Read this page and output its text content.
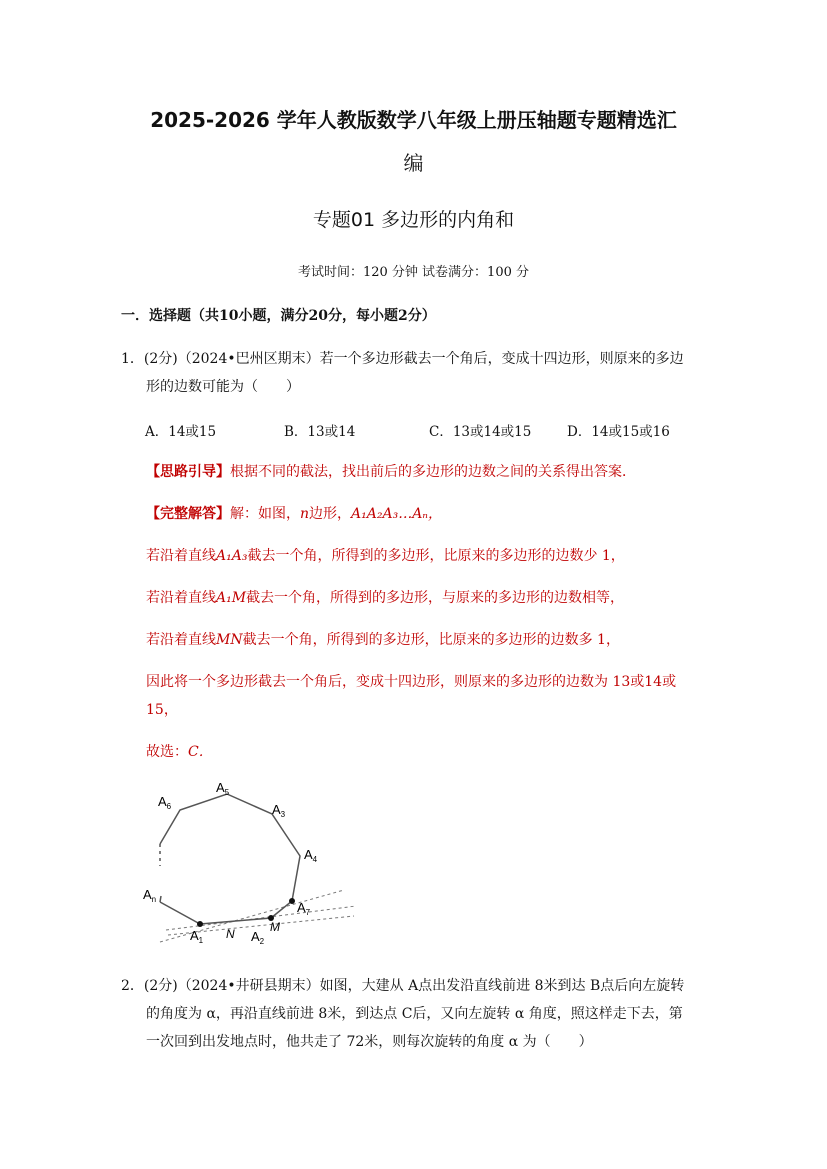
2025-2026 学年人教版数学八年级上册压轴题专题精选汇
编
专题01 多边形的内角和
考试时间：120 分钟 试卷满分：100 分
一．选择题（共10小题，满分20分，每小题2分）
1．(2分)（2024•巴州区期末）若一个多边形截去一个角后，变成十四边形，则原来的多边
形的边数可能为（　　）
A．14或15	B．13或14	C．13或14或15	D．14或15或16
【思路引导】根据不同的截法，找出前后的多边形的边数之间的关系得出答案．
【完整解答】解：如图，n边形，A₁A₂A₃…Aₙ，
若沿着直线A₁A₃截去一个角，所得到的多边形，比原来的多边形的边数少 1，
若沿着直线A₁M截去一个角，所得到的多边形，与原来的多边形的边数相等，
若沿着直线MN截去一个角，所得到的多边形，比原来的多边形的边数多 1，
因此将一个多边形截去一个角后，变成十四边形，则原来的多边形的边数为 13或14或
15，
故选：C．
$A_6$
$A_5$
$A_3$
$A_4$
$A_n$
$A_1$	$A_2$
$A_7$
N	M
2．(2分)（2024•井研县期末）如图，大建从 A点出发沿直线前进 8米到达 B点后向左旋转
的角度为 α，再沿直线前进 8米，到达点 C后，又向左旋转 α 角度，照这样走下去，第
一次回到出发地点时，他共走了 72米，则每次旋转的角度 α 为（　　）
